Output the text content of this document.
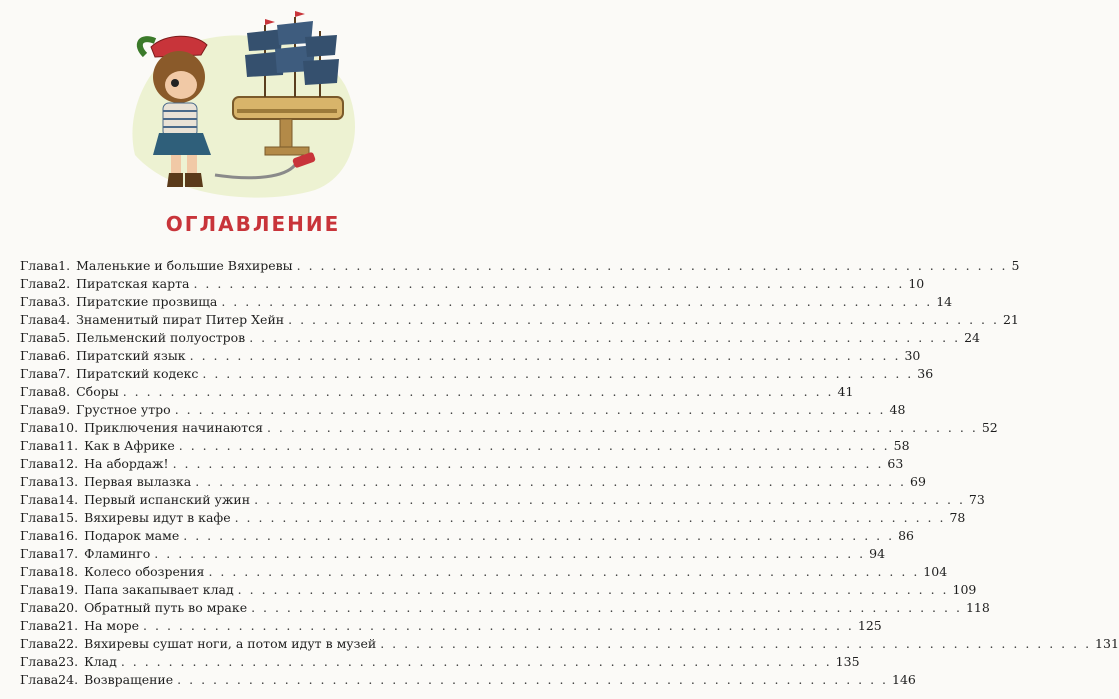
ОГЛАВЛЕНИЕ
Глава 1. Маленькие и большие Вяхиревы . . . . . . . . . . . . . . . . . . . . . . . . . . . . . . . . . . . . . . . . . . . . . . . . . . . . . . . . . . . . 5
Глава 2. Пиратская карта . . . . . . . . . . . . . . . . . . . . . . . . . . . . . . . . . . . . . . . . . . . . . . . . . . . . . . . . . . . . 10
Глава 3. Пиратские прозвища . . . . . . . . . . . . . . . . . . . . . . . . . . . . . . . . . . . . . . . . . . . . . . . . . . . . . . . . . . . . 14
Глава 4. Знаменитый пират Питер Хейн . . . . . . . . . . . . . . . . . . . . . . . . . . . . . . . . . . . . . . . . . . . . . . . . . . . . . . . . . . . . 21
Глава 5. Пельменский полуостров . . . . . . . . . . . . . . . . . . . . . . . . . . . . . . . . . . . . . . . . . . . . . . . . . . . . . . . . . . . . 24
Глава 6. Пиратский язык . . . . . . . . . . . . . . . . . . . . . . . . . . . . . . . . . . . . . . . . . . . . . . . . . . . . . . . . . . . . 30
Глава 7. Пиратский кодекс . . . . . . . . . . . . . . . . . . . . . . . . . . . . . . . . . . . . . . . . . . . . . . . . . . . . . . . . . . . . 36
Глава 8. Сборы . . . . . . . . . . . . . . . . . . . . . . . . . . . . . . . . . . . . . . . . . . . . . . . . . . . . . . . . . . . . 41
Глава 9. Грустное утро . . . . . . . . . . . . . . . . . . . . . . . . . . . . . . . . . . . . . . . . . . . . . . . . . . . . . . . . . . . . 48
Глава 10. Приключения начинаются . . . . . . . . . . . . . . . . . . . . . . . . . . . . . . . . . . . . . . . . . . . . . . . . . . . . . . . . . . . . 52
Глава 11. Как в Африке . . . . . . . . . . . . . . . . . . . . . . . . . . . . . . . . . . . . . . . . . . . . . . . . . . . . . . . . . . . . 58
Глава 12. На абордаж! . . . . . . . . . . . . . . . . . . . . . . . . . . . . . . . . . . . . . . . . . . . . . . . . . . . . . . . . . . . . 63
Глава 13. Первая вылазка . . . . . . . . . . . . . . . . . . . . . . . . . . . . . . . . . . . . . . . . . . . . . . . . . . . . . . . . . . . . 69
Глава 14. Первый испанский ужин . . . . . . . . . . . . . . . . . . . . . . . . . . . . . . . . . . . . . . . . . . . . . . . . . . . . . . . . . . . . 73
Глава 15. Вяхиревы идут в кафе . . . . . . . . . . . . . . . . . . . . . . . . . . . . . . . . . . . . . . . . . . . . . . . . . . . . . . . . . . . . 78
Глава 16. Подарок маме . . . . . . . . . . . . . . . . . . . . . . . . . . . . . . . . . . . . . . . . . . . . . . . . . . . . . . . . . . . . 86
Глава 17. Фламинго . . . . . . . . . . . . . . . . . . . . . . . . . . . . . . . . . . . . . . . . . . . . . . . . . . . . . . . . . . . . 94
Глава 18. Колесо обозрения . . . . . . . . . . . . . . . . . . . . . . . . . . . . . . . . . . . . . . . . . . . . . . . . . . . . . . . . . . . . 104
Глава 19. Папа закапывает клад . . . . . . . . . . . . . . . . . . . . . . . . . . . . . . . . . . . . . . . . . . . . . . . . . . . . . . . . . . . . 109
Глава 20. Обратный путь во мраке . . . . . . . . . . . . . . . . . . . . . . . . . . . . . . . . . . . . . . . . . . . . . . . . . . . . . . . . . . . . 118
Глава 21. На море . . . . . . . . . . . . . . . . . . . . . . . . . . . . . . . . . . . . . . . . . . . . . . . . . . . . . . . . . . . . 125
Глава 22. Вяхиревы сушат ноги, а потом идут в музей . . . . . . . . . . . . . . . . . . . . . . . . . . . . . . . . . . . . . . . . . . . . . . . . . . . . . . . . . . . . 131
Глава 23. Клад . . . . . . . . . . . . . . . . . . . . . . . . . . . . . . . . . . . . . . . . . . . . . . . . . . . . . . . . . . . . 135
Глава 24. Возвращение . . . . . . . . . . . . . . . . . . . . . . . . . . . . . . . . . . . . . . . . . . . . . . . . . . . . . . . . . . . . 146
